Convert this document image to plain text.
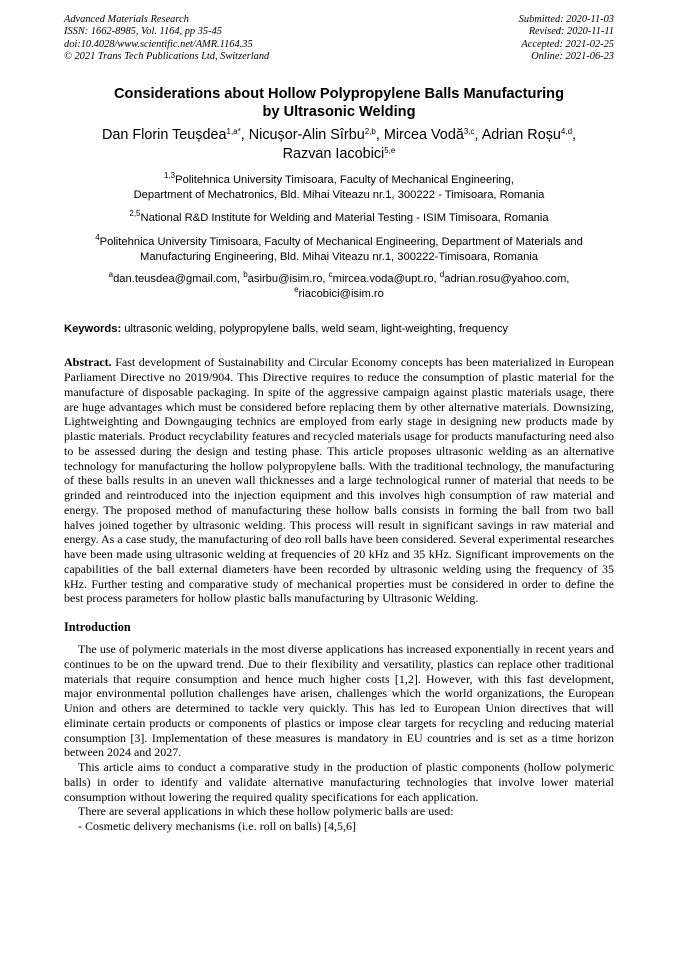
Advanced Materials Research
ISSN: 1662-8985, Vol. 1164, pp 35-45
doi:10.4028/www.scientific.net/AMR.1164.35
© 2021 Trans Tech Publications Ltd, Switzerland
Submitted: 2020-11-03
Revised: 2020-11-11
Accepted: 2021-02-25
Online: 2021-06-23
Considerations about Hollow Polypropylene Balls Manufacturing
by Ultrasonic Welding
Dan Florin Teușdea$^{1,a*}$, Nicușor-Alin Sîrbu$^{2,b}$, Mircea Vodă$^{3,c}$, Adrian Roșu$^{4,d}$,
Razvan Iacobici$^{5,e}$
$^{1,3}$Politehnica University Timisoara, Faculty of Mechanical Engineering,
Department of Mechatronics, Bld. Mihai Viteazu nr.1, 300222 - Timisoara, Romania
$^{2,5}$National R&D Institute for Welding and Material Testing - ISIM Timisoara, Romania
$^4$Politehnica University Timisoara, Faculty of Mechanical Engineering, Department of Materials and
Manufacturing Engineering, Bld. Mihai Viteazu nr.1, 300222-Timisoara, Romania
$^a$dan.teusdea@gmail.com, $^b$asirbu@isim.ro, $^c$mircea.voda@upt.ro, $^d$adrian.rosu@yahoo.com,
$^e$riacobici@isim.ro
Keywords: ultrasonic welding, polypropylene balls, weld seam, light-weighting, frequency
Abstract. Fast development of Sustainability and Circular Economy concepts has been materialized in European Parliament Directive no 2019/904. This Directive requires to reduce the consumption of plastic material for the manufacture of disposable packaging. In spite of the aggressive campaign against plastic materials usage, there are huge advantages which must be considered before replacing them by other alternative materials. Downsizing, Lightweighting and Downgauging technics are employed from early stage in designing new products made by plastic materials. Product recyclability features and recycled materials usage for products manufacturing need also to be assessed during the design and testing phase. This article proposes ultrasonic welding as an alternative technology for manufacturing the hollow polypropylene balls. With the traditional technology, the manufacturing of these balls results in an uneven wall thicknesses and a large technological runner of material that needs to be grinded and reintroduced into the injection equipment and this involves high consumption of raw material and energy. The proposed method of manufacturing these hollow balls consists in forming the ball from two ball halves joined together by ultrasonic welding. This process will result in significant savings in raw material and energy. As a case study, the manufacturing of deo roll balls have been considered. Several experimental researches have been made using ultrasonic welding at frequencies of 20 kHz and 35 kHz. Significant improvements on the capabilities of the ball external diameters have been recorded by ultrasonic welding using the frequency of 35 kHz. Further testing and comparative study of mechanical properties must be considered in order to define the best process parameters for hollow plastic balls manufacturing by Ultrasonic Welding.
Introduction
The use of polymeric materials in the most diverse applications has increased exponentially in recent years and continues to be on the upward trend. Due to their flexibility and versatility, plastics can replace other traditional materials that require consumption and hence much higher costs [1,2]. However, with this fast development, major environmental pollution challenges have arisen, challenges which the world organizations, the European Union and others are determined to tackle very quickly. This has led to European Union directives that will eliminate certain products or components of plastics or impose clear targets for recycling and reducing material consumption [3]. Implementation of these measures is mandatory in EU countries and is set as a time horizon between 2024 and 2027.
This article aims to conduct a comparative study in the production of plastic components (hollow polymeric balls) in order to identify and validate alternative manufacturing technologies that involve lower material consumption without lowering the required quality specifications for each application.
There are several applications in which these hollow polymeric balls are used:
- Cosmetic delivery mechanisms (i.e. roll on balls) [4,5,6]
